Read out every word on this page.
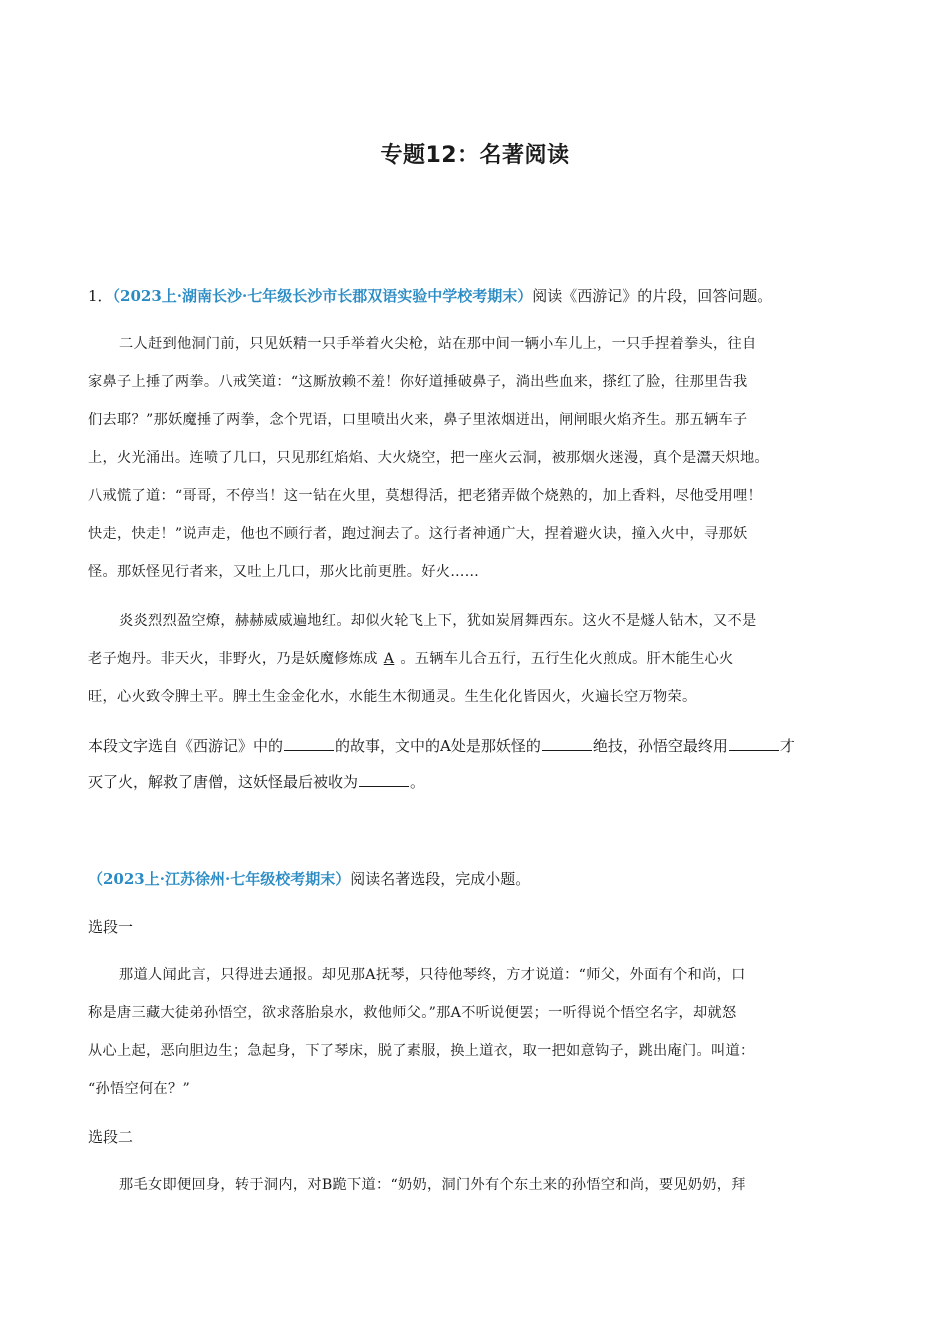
专题12：名著阅读
1．（2023上·湖南长沙·七年级长沙市长郡双语实验中学校考期末）阅读《西游记》的片段，回答问题。
二人赶到他洞门前，只见妖精一只手举着火尖枪，站在那中间一辆小车儿上，一只手捏着拳头，往自
家鼻子上捶了两拳。八戒笑道：“这厮放赖不羞！你好道捶破鼻子，淌出些血来，搽红了脸，往那里告我
们去耶？”那妖魔捶了两拳，念个咒语，口里喷出火来，鼻子里浓烟迸出，闸闸眼火焰齐生。那五辆车子
上，火光涌出。连喷了几口，只见那红焰焰、大火烧空，把一座火云洞，被那烟火迷漫，真个是灊天炽地。
八戒慌了道：“哥哥，不停当！这一钻在火里，莫想得活，把老猪弄做个烧熟的，加上香料，尽他受用哩！
快走，快走！”说声走，他也不顾行者，跑过涧去了。这行者神通广大，捏着避火诀，撞入火中，寻那妖
怪。那妖怪见行者来，又吐上几口，那火比前更胜。好火……
炎炎烈烈盈空燎，赫赫威威遍地红。却似火轮飞上下，犹如炭屑舞西东。这火不是燧人钻木，又不是
老子炮丹。非天火，非野火，乃是妖魔修炼成 A 。五辆车儿合五行，五行生化火煎成。肝木能生心火
旺，心火致令脾土平。脾土生金金化水，水能生木彻通灵。生生化化皆因火，火遍长空万物荣。
本段文字选自《西游记》中的	的故事，文中的A处是那妖怪的	绝技，孙悟空最终用	才
灭了火，解救了唐僧，这妖怪最后被收为	。
（2023上·江苏徐州·七年级校考期末）阅读名著选段，完成小题。
选段一
那道人闻此言，只得进去通报。却见那A抚琴，只待他琴终，方才说道：“师父，外面有个和尚，口
称是唐三藏大徒弟孙悟空，欲求落胎泉水，救他师父。”那A不听说便罢；一听得说个悟空名字，却就怒
从心上起，恶向胆边生；急起身，下了琴床，脱了素服，换上道衣，取一把如意钩子，跳出庵门。叫道：
“孙悟空何在？”
选段二
那毛女即便回身，转于洞内，对B跪下道：“奶奶，洞门外有个东土来的孙悟空和尚，要见奶奶，拜
